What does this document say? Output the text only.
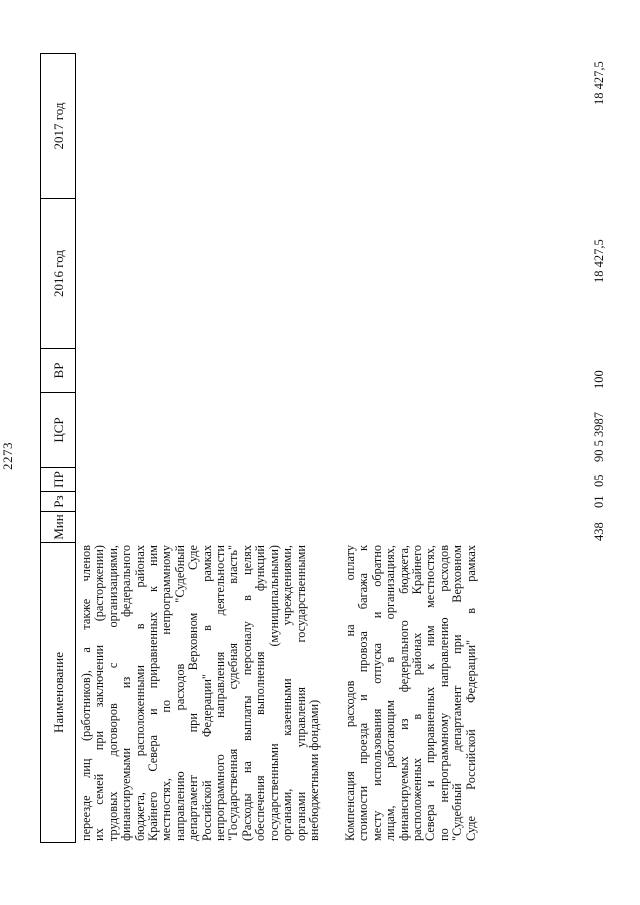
2273
Наименование
Мин
Рз
ПР
ЦСР
ВР
2016 год
2017 год
переезде лиц (работников), а также членов их семей при заключении (расторжении) трудовых договоров с организациями, финансируемыми из федерального бюджета, расположенными в районах Крайнего Севера и приравненных к ним местностях, по непрограммному направлению расходов "Судебный департамент при Верховном Суде Российской Федерации" в рамках непрограммного направления деятельности "Государственная судебная власть" (Расходы на выплаты персоналу в целях обеспечения выполнения функций государственными (муниципальными) органами, казенными учреждениями, органами управления государственными внебюджетными фондами) Компенсация расходов на оплату стоимости проезда и провоза багажа к месту использования отпуска и обратно лицам, работающим в организациях, финансируемых из федерального бюджета, расположенных в районах Крайнего Севера и приравненных к ним местностях, по непрограммному направлению расходов "Судебный департамент при Верховном Суде Российской Федерации" в рамках
438
01
05
90 5 3987
100
18 427,5
18 427,5
